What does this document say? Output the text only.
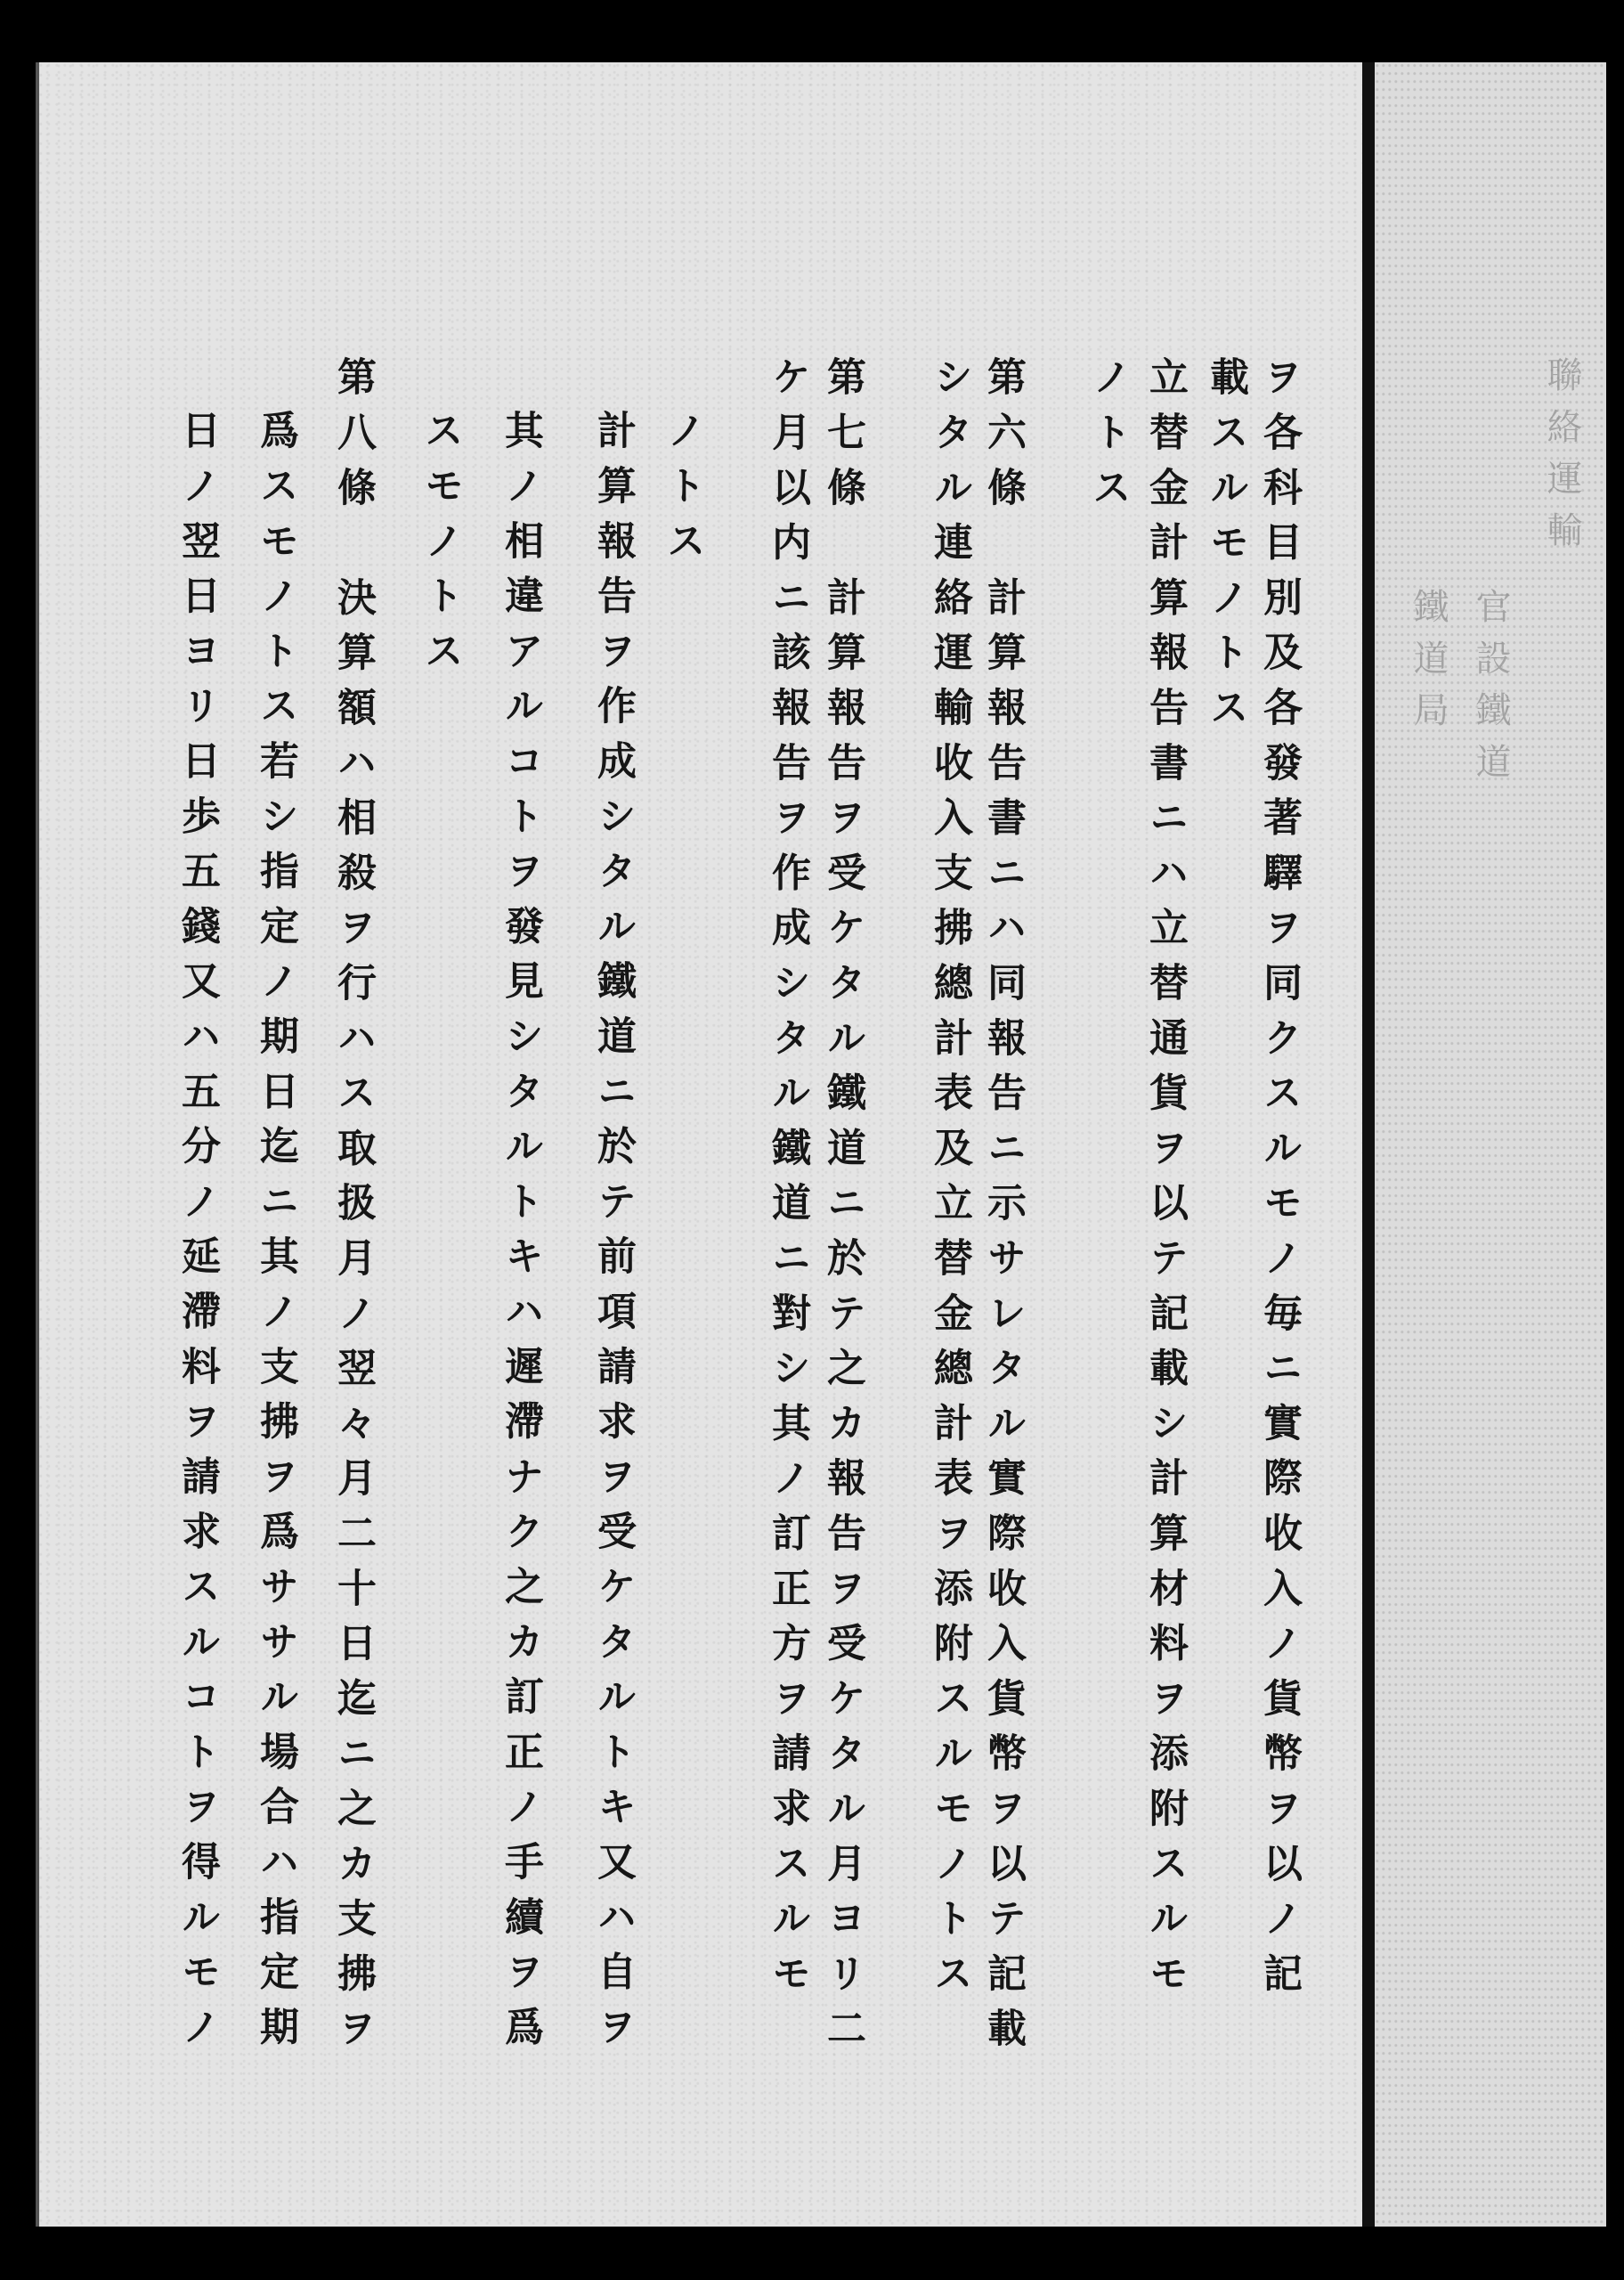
ヲ各科目別及各發著驛ヲ同クスルモノ毎ニ實際收入ノ貨幣ヲ以ノ記
載スルモノトス
立替金計算報告書ニハ立替通貨ヲ以テ記載シ計算材料ヲ添附スルモ
ノトス
第六條　計算報告書ニハ同報告ニ示サレタル實際收入貨幣ヲ以テ記載
シタル連絡運輸收入支拂總計表及立替金總計表ヲ添附スルモノトス
第七條　計算報告ヲ受ケタル鐵道ニ於テ之カ報告ヲ受ケタル月ヨリ二
ケ月以内ニ該報告ヲ作成シタル鐵道ニ對シ其ノ訂正方ヲ請求スルモ
ノトス
計算報告ヲ作成シタル鐵道ニ於テ前項請求ヲ受ケタルトキ又ハ自ヲ
其ノ相違アルコトヲ發見シタルトキハ遲滯ナク之カ訂正ノ手續ヲ爲
スモノトス
第八條　決算額ハ相殺ヲ行ハス取扱月ノ翌々月二十日迄ニ之カ支拂ヲ
爲スモノトス若シ指定ノ期日迄ニ其ノ支拂ヲ爲ササル場合ハ指定期
日ノ翌日ヨリ日歩五錢又ハ五分ノ延滯料ヲ請求スルコトヲ得ルモノ	聯絡運輸
官設鐵道
鐵道局
